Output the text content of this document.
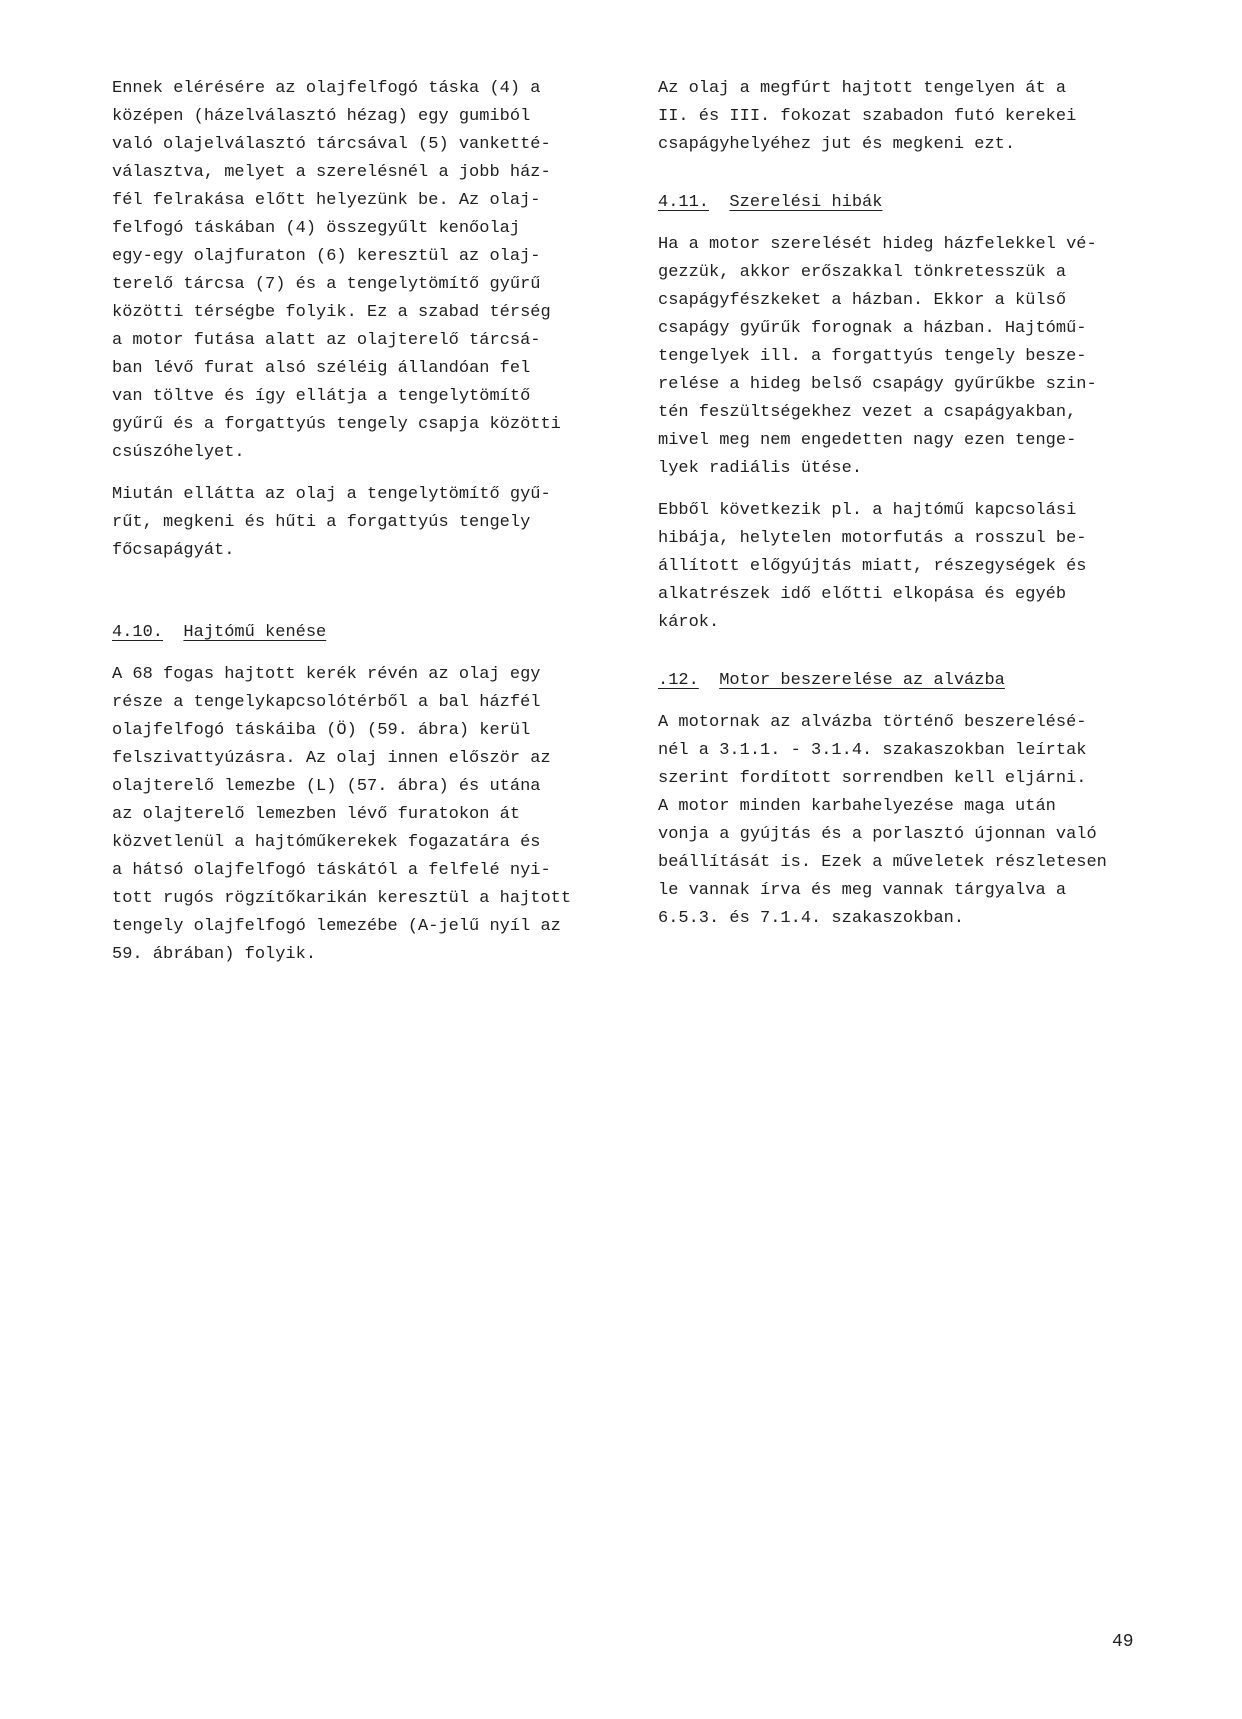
Ennek elérésére az olajfelfogó táska (4) a
középen (házelválasztó hézag) egy gumiból
való olajelválasztó tárcsával (5) vanketté-
választva, melyet a szerelésnél a jobb ház-
fél felrakása előtt helyezünk be. Az olaj-
felfogó táskában (4) összegyűlt kenőolaj
egy-egy olajfuraton (6) keresztül az olaj-
terelő tárcsa (7) és a tengelytömítő gyűrű
közötti térségbe folyik. Ez a szabad térség
a motor futása alatt az olajterelő tárcsá-
ban lévő furat alsó széléig állandóan fel
van töltve és így ellátja a tengelytömítő
gyűrű és a forgattyús tengely csapja közötti
csúszóhelyet.

Miután ellátta az olaj a tengelytömítő gyű-
rűt, megkeni és hűti a forgattyús tengely
főcsapágyát.

4.10. Hajtómű kenése

A 68 fogas hajtott kerék révén az olaj egy
része a tengelykapcsolótérből a bal házfél
olajfelfogó táskáiba (Ö) (59. ábra) kerül
felszivattyúzásra. Az olaj innen először az
olajterelő lemezbe (L) (57. ábra) és utána
az olajterelő lemezben lévő furatokon át
közvetlenül a hajtóműkerekek fogazatára és
a hátsó olajfelfogó táskától a felfelé nyi-
tott rugós rögzítőkarikán keresztül a hajtott
tengely olajfelfogó lemezébe (A-jelű nyíl az
59. ábrában) folyik.

Az olaj a megfúrt hajtott tengelyen át a
II. és III. fokozat szabadon futó kerekei
csapágyhelyéhez jut és megkeni ezt.

4.11. Szerelési hibák

Ha a motor szerelését hideg házfelekkel vé-
gezzük, akkor erőszakkal tönkretesszük a
csapágyfészkeket a házban. Ekkor a külső
csapágy gyűrűk forognak a házban. Hajtómű-
tengelyek ill. a forgattyús tengely besze-
relése a hideg belső csapágy gyűrűkbe szin-
tén feszültségekhez vezet a csapágyakban,
mivel meg nem engedetten nagy ezen tenge-
lyek radiális ütése.

Ebből következik pl. a hajtómű kapcsolási
hibája, helytelen motorfutás a rosszul be-
állított előgyújtás miatt, részegységek és
alkatrészek idő előtti elkopása és egyéb
károk.

.12. Motor beszerelése az alvázba

A motornak az alvázba történő beszerelésé-
nél a 3.1.1. - 3.1.4. szakaszokban leírtak
szerint fordított sorrendben kell eljárni.
A motor minden karbahelyezése maga után
vonja a gyújtás és a porlasztó újonnan való
beállítását is. Ezek a műveletek részletesen
le vannak írva és meg vannak tárgyalva a
6.5.3. és 7.1.4. szakaszokban.

49
